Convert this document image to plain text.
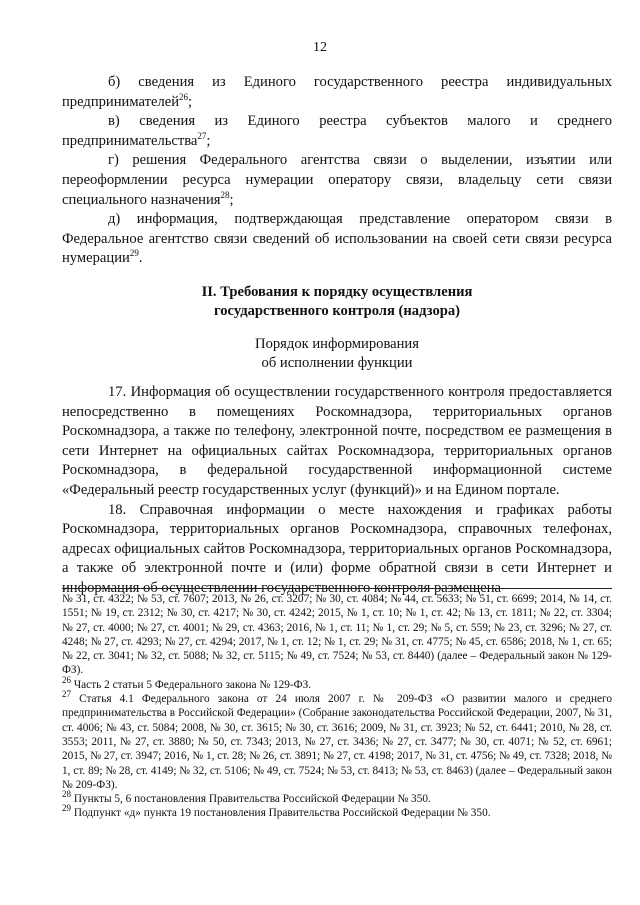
12

б) сведения из Единого государственного реестра индивидуальных предпринимателей$^{26}$;

в) сведения из Единого реестра субъектов малого и среднего предпринимательства$^{27}$;

г) решения Федерального агентства связи о выделении, изъятии или переоформлении ресурса нумерации оператору связи, владельцу сети связи специального назначения$^{28}$;

д) информация, подтверждающая представление оператором связи в Федеральное агентство связи сведений об использовании на своей сети связи ресурса нумерации$^{29}$.

II. Требования к порядку осуществления
государственного контроля (надзора)
Порядок информирования
об исполнении функции

17. Информация об осуществлении государственного контроля предоставляется непосредственно в помещениях Роскомнадзора, территориальных органов Роскомнадзора, а также по телефону, электронной почте, посредством ее размещения в сети Интернет на официальных сайтах Роскомнадзора, территориальных органов Роскомнадзора, в федеральной государственной информационной системе «Федеральный реестр государственных услуг (функций)» и на Едином портале.

18. Справочная информации о месте нахождения и графиках работы Роскомнадзора, территориальных органов Роскомнадзора, справочных телефонах, адресах официальных сайтов Роскомнадзора, территориальных органов Роскомнадзора, а также об электронной почте и (или) форме обратной связи в сети Интернет и информация об осуществлении государственного контроля размещена

№ 31, ст. 4322; № 53, ст. 7607; 2013, № 26, ст. 3207; № 30, ст. 4084; № 44, ст. 5633; № 51, ст. 6699; 2014, № 14, ст. 1551; № 19, ст. 2312; № 30, ст. 4217; № 30, ст. 4242; 2015, № 1, ст. 10; № 1, ст. 42; № 13, ст. 1811; № 22, ст. 3304; № 27, ст. 4000; № 27, ст. 4001; № 29, ст. 4363; 2016, № 1, ст. 11; № 1, ст. 29; № 5, ст. 559; № 23, ст. 3296; № 27, ст. 4248; № 27, ст. 4293; № 27, ст. 4294; 2017, № 1, ст. 12; № 1, ст. 29; № 31, ст. 4775; № 45, ст. 6586; 2018, № 1, ст. 65; № 22, ст. 3041; № 32, ст. 5088; № 32, ст. 5115; № 49, ст. 7524; № 53, ст. 8440) (далее – Федеральный закон № 129-ФЗ).

$^{26}$ Часть 2 статьи 5 Федерального закона № 129-ФЗ.

$^{27}$ Статья 4.1 Федерального закона от 24 июля 2007 г. № 209-ФЗ «О развитии малого и среднего предпринимательства в Российской Федерации» (Собрание законодательства Российской Федерации, 2007, № 31, ст. 4006; № 43, ст. 5084; 2008, № 30, ст. 3615; № 30, ст. 3616; 2009, № 31, ст. 3923; № 52, ст. 6441; 2010, № 28, ст. 3553; 2011, № 27, ст. 3880; № 50, ст. 7343; 2013, № 27, ст. 3436; № 27, ст. 3477; № 30, ст. 4071; № 52, ст. 6961; 2015, № 27, ст. 3947; 2016, № 1, ст. 28; № 26, ст. 3891; № 27, ст. 4198; 2017, № 31, ст. 4756; № 49, ст. 7328; 2018, № 1, ст. 89; № 28, ст. 4149; № 32, ст. 5106; № 49, ст. 7524; № 53, ст. 8413; № 53, ст. 8463) (далее – Федеральный закон № 209-ФЗ).

$^{28}$ Пункты 5, 6 постановления Правительства Российской Федерации № 350.

$^{29}$ Подпункт «д» пункта 19 постановления Правительства Российской Федерации № 350.
